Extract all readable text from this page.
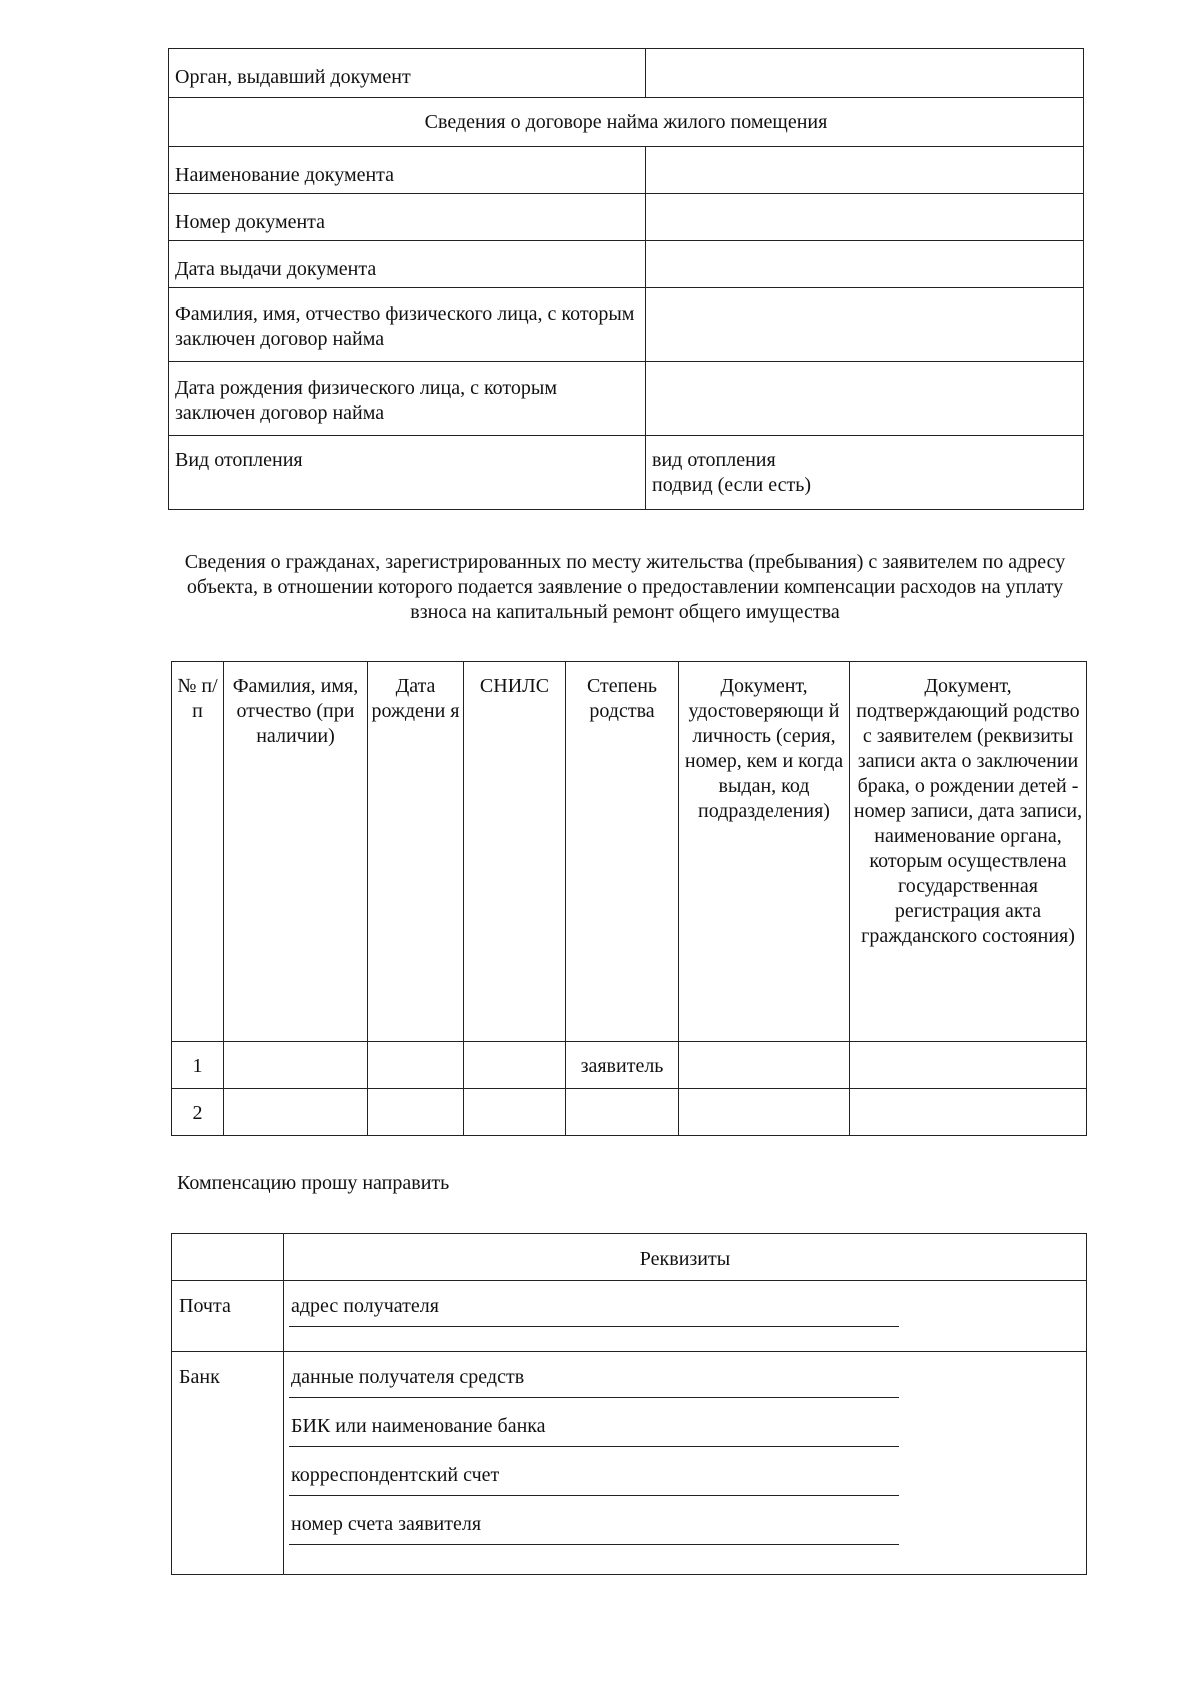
Орган, выдавший документ	

Сведения о договоре найма жилого помещения	

Наименование документа	

Номер документа	

Дата выдачи документа	

Фамилия, имя, отчество физического лица, с которым заключен договор найма	

Дата рождения физического лица, с которым заключен договор найма	

Вид отопления	вид отопления
подвид (если есть)
Сведения о гражданах, зарегистрированных по месту жительства (пребывания) с заявителем по адресу объекта, в отношении которого подается заявление о предоставлении компенсации расходов на уплату взноса на капитальный ремонт общего имущества
№ п/п	Фамилия, имя, отчество (при наличии)	Дата рождени я	СНИЛС	Степень родства	Документ, удостоверяющи й личность (серия, номер, кем и когда выдан, код подразделения)	Документ, подтверждающий родство с заявителем (реквизиты записи акта о заключении брака, о рождении детей - номер записи, дата записи, наименование органа, которым осуществлена государственная регистрация акта гражданского состояния)

1				заявитель		

2						

Компенсацию прошу направить

	Реквизиты

Почта	адрес получателя

Банк	данные получателя средств
БИК или наименование банка
корреспондентский счет
номер счета заявителя
